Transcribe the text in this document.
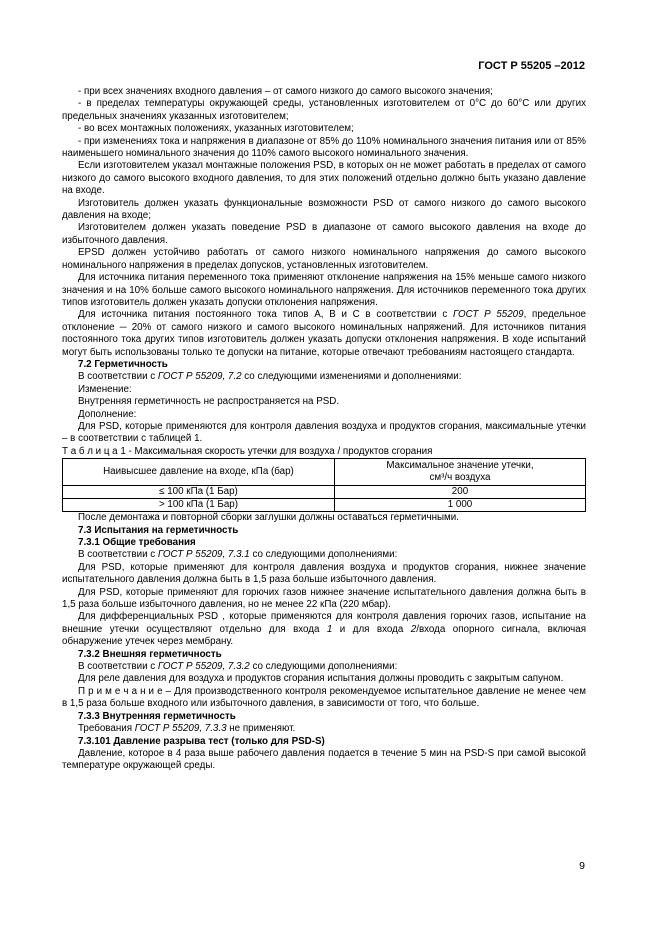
ГОСТ Р 55205 –2012

- при всех значениях входного давления – от самого низкого до самого высокого значения;

- в пределах температуры окружающей среды, установленных изготовителем от 0°С до 60°С или других предельных значениях указанных изготовителем;

- во всех монтажных положениях, указанных изготовителем;

- при изменениях тока и напряжения в диапазоне от 85% до 110% номинального значения питания или от 85% наименьшего номинального значения до 110% самого высокого номинального значения.

Если изготовителем указал монтажные положения PSD, в которых он не может работать в пределах от самого низкого до самого высокого входного давления, то для этих положений отдельно должно быть указано давление на входе.

Изготовитель должен указать функциональные возможности PSD от самого низкого до самого высокого давления на входе;

Изготовителем должен указать поведение PSD в диапазоне от самого высокого давления на входе до избыточного давления.

EPSD должен устойчиво работать от самого низкого номинального напряжения до самого высокого номинального напряжения в пределах допусков, установленных изготовителем.

Для источника питания переменного тока применяют отклонение напряжения на 15% меньше самого низкого значения и на 10% больше самого высокого номинального напряжения. Для источников переменного тока других типов изготовитель должен указать допуски отклонения напряжения.

Для источника питания постоянного тока типов А, В и С в соответствии с ГОСТ Р 55209, предельное отклонение ─ 20% от самого низкого и самого высокого номинальных напряжений. Для источников питания постоянного тока других типов изготовитель должен указать допуски отклонения напряжения. В ходе испытаний могут быть использованы только те допуски на питание, которые отвечают требованиям настоящего стандарта.

7.2 Герметичность

В соответствии с ГОСТ Р 55209, 7.2 со следующими изменениями и дополнениями:

Изменение:

Внутренняя герметичность не распространяется на PSD.

Дополнение:

Для PSD, которые применяются для контроля давления воздуха и продуктов сгорания, максимальные утечки – в соответствии с таблицей 1.

Т а б л и ц а 1 - Максимальная скорость утечки для воздуха / продуктов сгорания

Наивысшее давление на входе, кПа (бар)	Максимальное значение утечки,
см³/ч воздуха
≤ 100 кПа (1 Бар)	200
> 100 кПа (1 Бар)	1 000

После демонтажа и повторной сборки заглушки должны оставаться герметичными.

7.3 Испытания на герметичность

7.3.1 Общие требования

В соответствии с ГОСТ Р 55209, 7.3.1 со следующими дополнениями:

Для PSD, которые применяют для контроля давления воздуха и продуктов сгорания, нижнее значение испытательного давления должна быть в 1,5 раза больше избыточного давления.

Для PSD, которые применяют для горючих газов нижнее значение испытательного давления должна быть в 1,5 раза больше избыточного давления, но не менее 22 кПа (220 мбар).

Для дифференциальных PSD , которые применяются для контроля давления горючих газов, испытание на внешние утечки осуществляют отдельно для входа 1 и для входа 2/входа опорного сигнала, включая обнаружение утечек через мембрану.

7.3.2 Внешняя герметичность

В соответствии с ГОСТ Р 55209, 7.3.2 со следующими дополнениями:

Для реле давления для воздуха и продуктов сгорания испытания должны проводить с закрытым сапуном.

П р и м е ч а н и е – Для производственного контроля рекомендуемое испытательное давление не менее чем в 1,5 раза больше входного или избыточного давления, в зависимости от того, что больше.

7.3.3 Внутренняя герметичность

Требования ГОСТ Р 55209, 7.3.3 не применяют.

7.3.101 Давление разрыва тест (только для PSD-S)

Давление, которое в 4 раза выше рабочего давления подается в течение 5 мин на PSD-S при самой высокой температуре окружающей среды.

9
